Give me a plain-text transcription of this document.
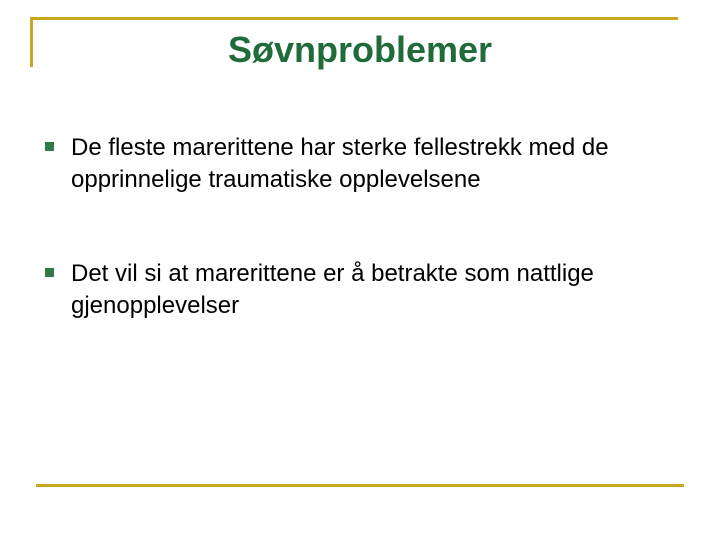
Søvnproblemer
De fleste marerittene har sterke fellestrekk med de opprinnelige traumatiske opplevelsene
Det vil si at marerittene er å betrakte som nattlige gjenopplevelser
